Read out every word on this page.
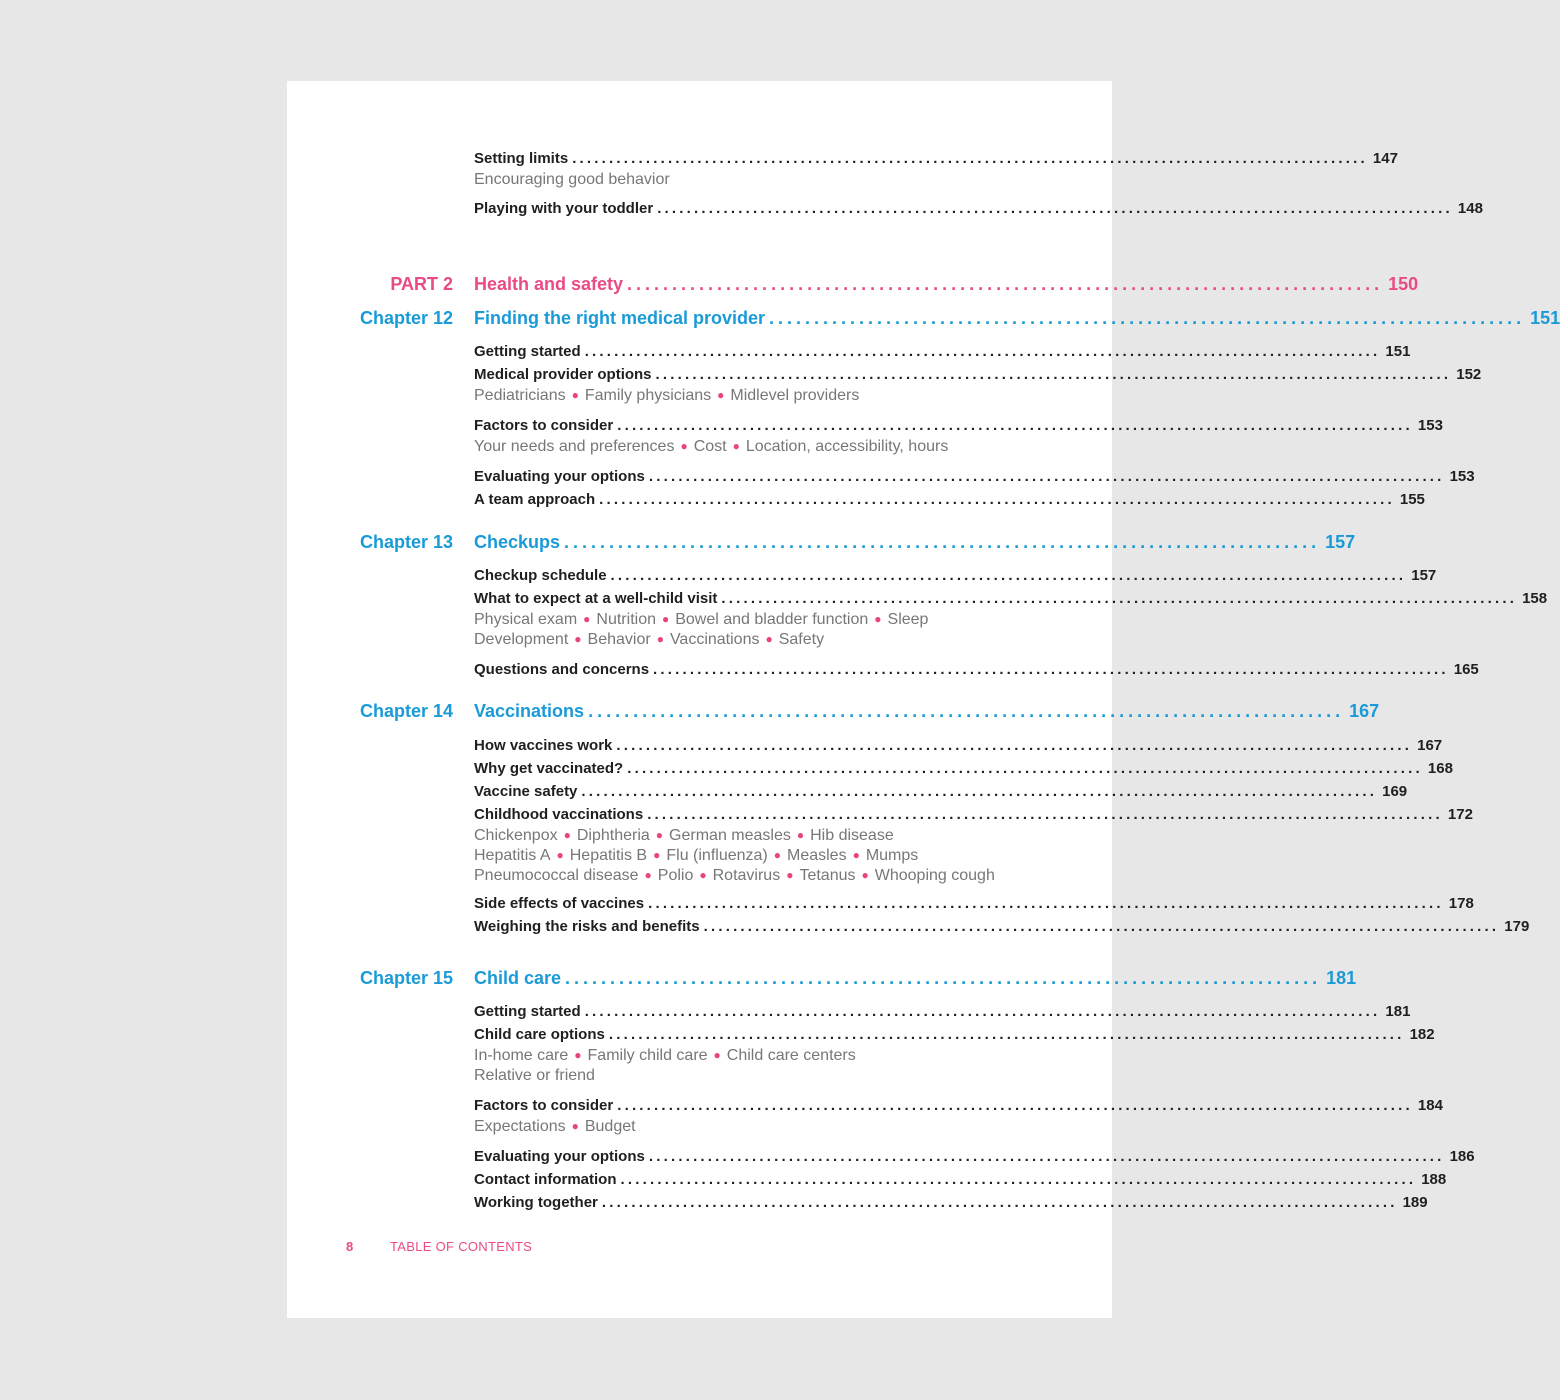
Setting limits ............................................................................................................ 147
Encouraging good behavior
Playing with your toddler ............................................................................................................ 148
PART 2 Health and safety .................................................................................... 150
Chapter 12 Finding the right medical provider .................................................................................... 151
Getting started ............................................................................................................ 151
Medical provider options ............................................................................................................ 152
Pediatricians ● Family physicians ● Midlevel providers
Factors to consider ............................................................................................................ 153
Your needs and preferences ● Cost ● Location, accessibility, hours
Evaluating your options ............................................................................................................ 153
A team approach ............................................................................................................ 155
Chapter 13 Checkups .................................................................................... 157
Checkup schedule ............................................................................................................ 157
What to expect at a well-child visit ............................................................................................................ 158
Physical exam ● Nutrition ● Bowel and bladder function ● Sleep
Development ● Behavior ● Vaccinations ● Safety
Questions and concerns ............................................................................................................ 165
Chapter 14 Vaccinations .................................................................................... 167
How vaccines work ............................................................................................................ 167
Why get vaccinated? ............................................................................................................ 168
Vaccine safety ............................................................................................................ 169
Childhood vaccinations ............................................................................................................ 172
Chickenpox ● Diphtheria ● German measles ● Hib disease
Hepatitis A ● Hepatitis B ● Flu (influenza) ● Measles ● Mumps
Pneumococcal disease ● Polio ● Rotavirus ● Tetanus ● Whooping cough
Side effects of vaccines ............................................................................................................ 178
Weighing the risks and benefits ............................................................................................................ 179
Chapter 15 Child care .................................................................................... 181
Getting started ............................................................................................................ 181
Child care options ............................................................................................................ 182
In-home care ● Family child care ● Child care centers
Relative or friend
Factors to consider ............................................................................................................ 184
Expectations ● Budget
Evaluating your options ............................................................................................................ 186
Contact information ............................................................................................................ 188
Working together ............................................................................................................ 189
8	TABLE OF CONTENTS
